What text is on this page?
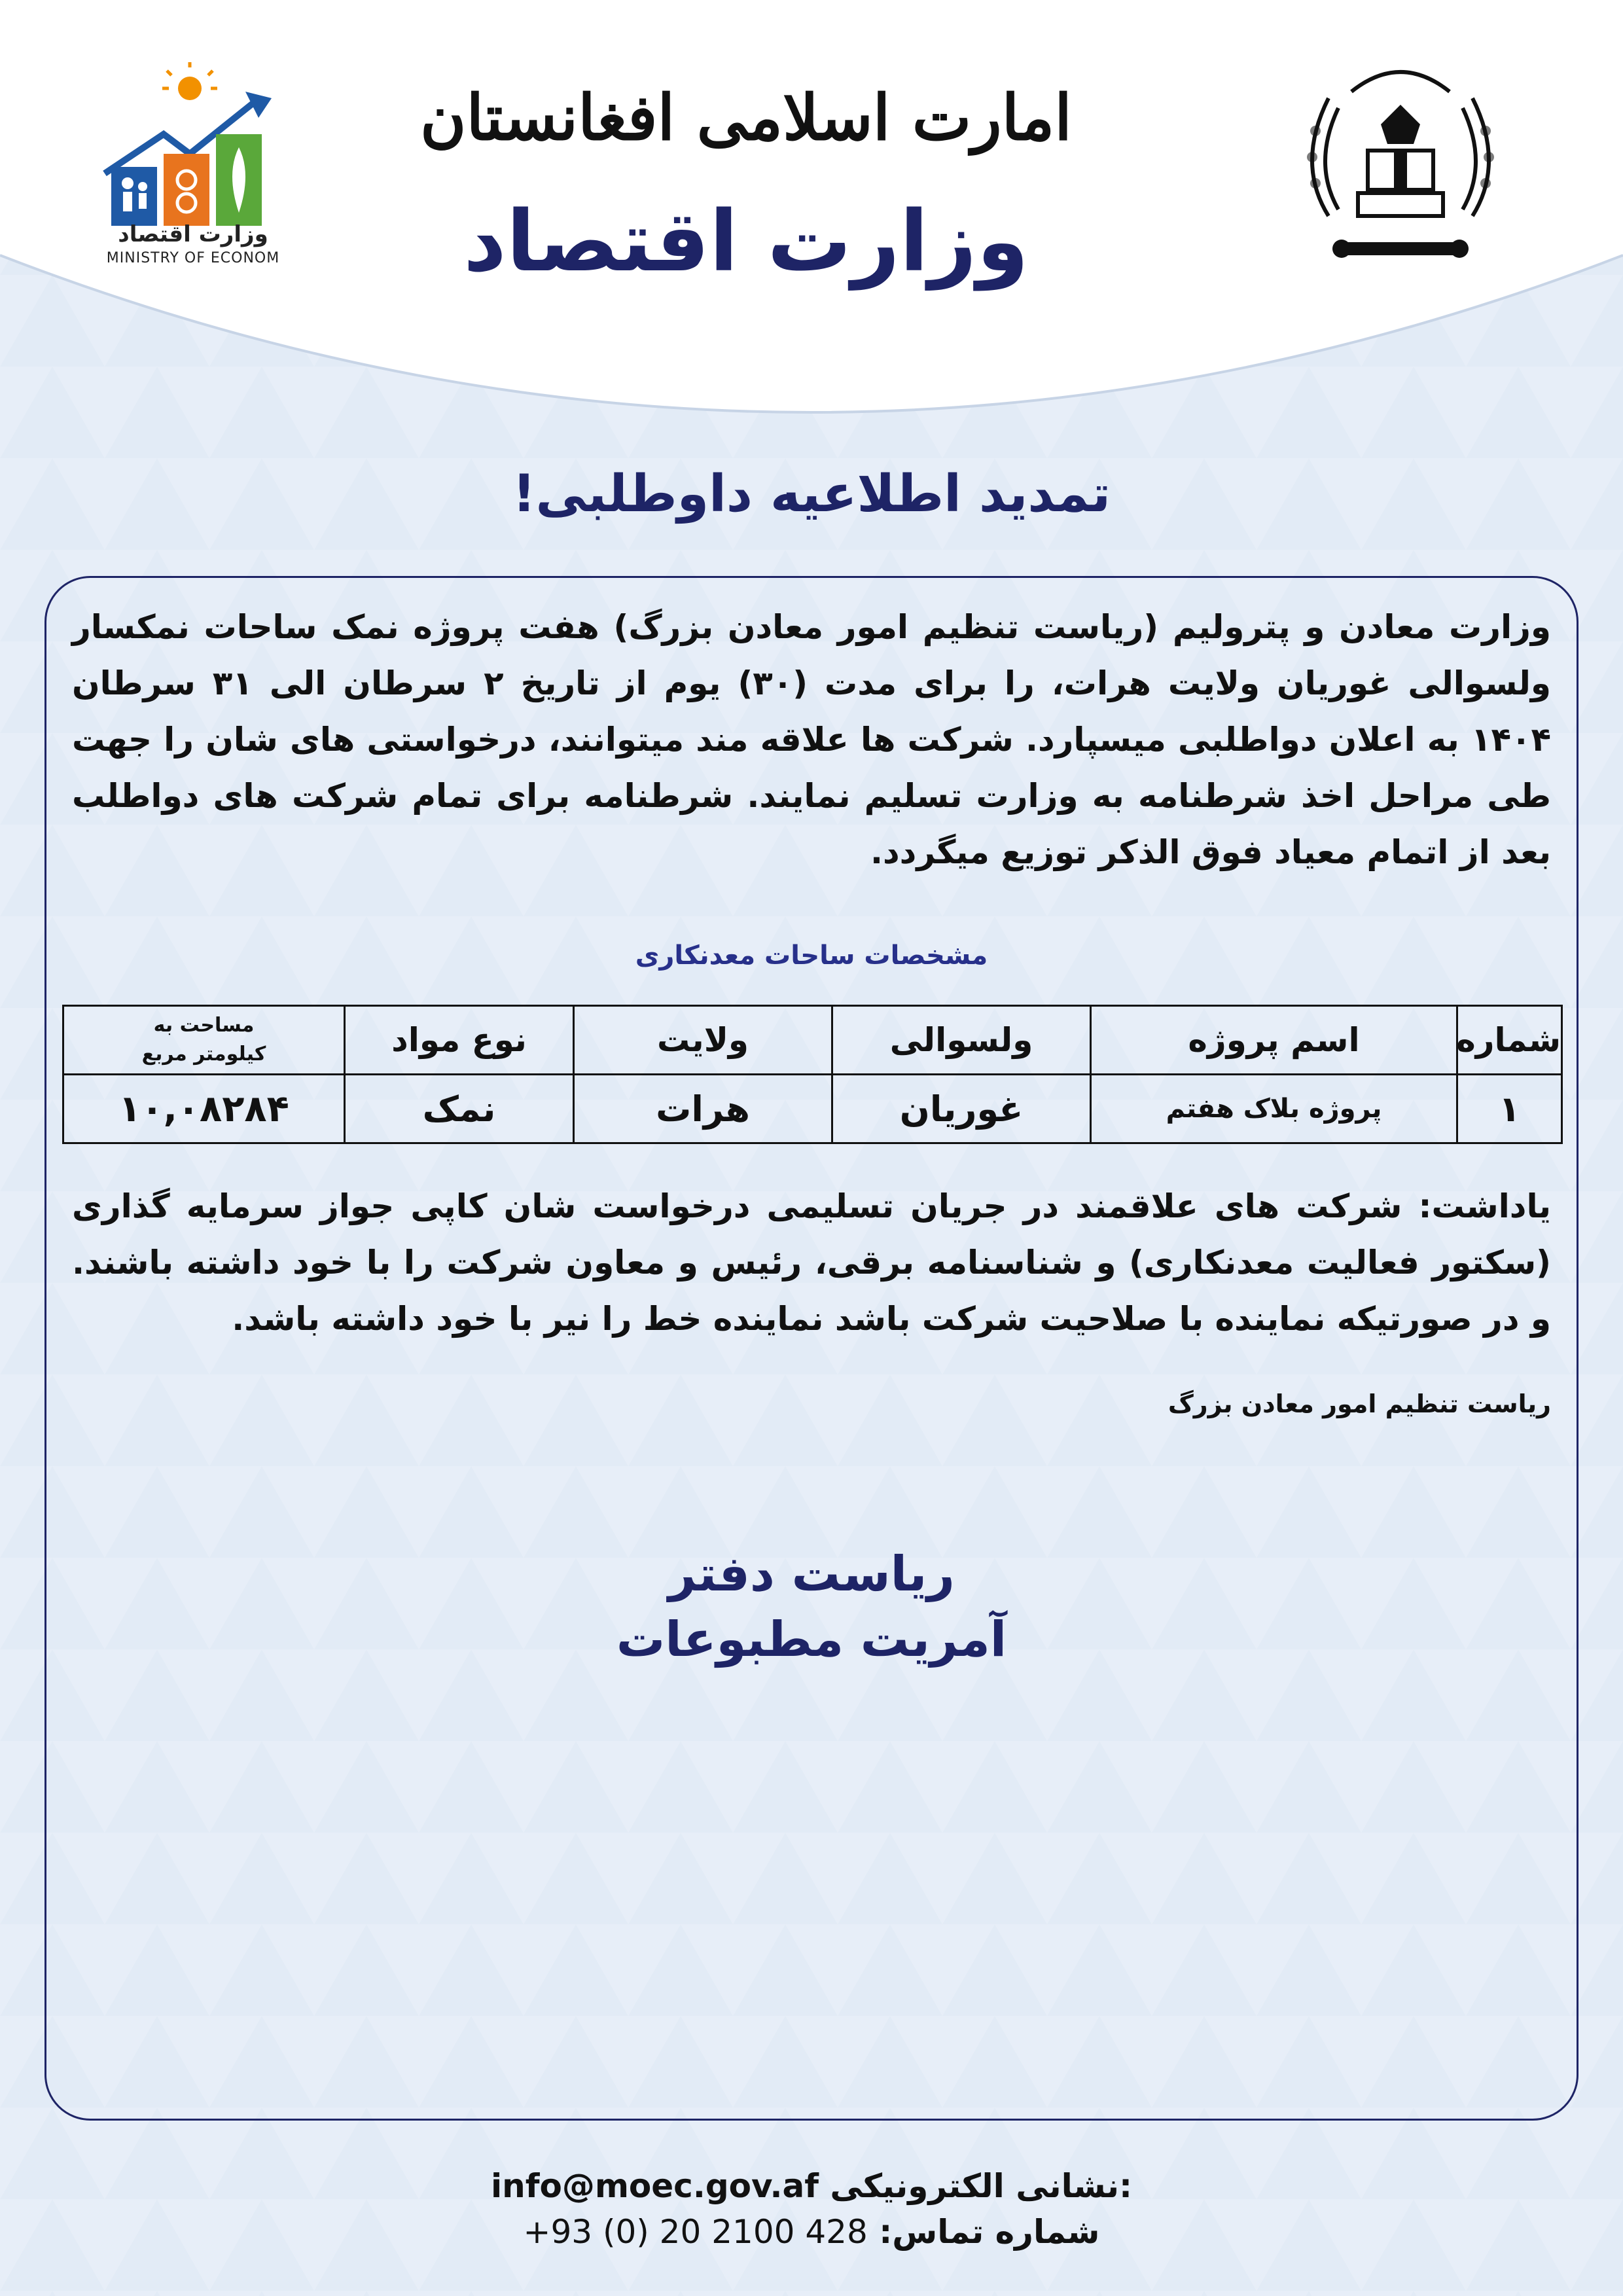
وزارت اقتصاد
MINISTRY OF ECONOM
امارت اسلامی افغانستان
وزارت اقتصاد
تمدید اطلاعیه داوطلبی!
وزارت معادن و پترولیم (ریاست تنظیم امور معادن بزرگ) هفت پروژه نمک ساحات نمکسار ولسوالی غوریان ولایت هرات، را برای مدت (۳۰) یوم از تاریخ ۲ سرطان الی ۳۱ سرطان ۱۴۰۴ به اعلان دواطلبی میسپارد. شرکت ها علاقه مند میتوانند، درخواستی های شان را جهت طی مراحل اخذ شرطنامه به وزارت تسلیم نمایند. شرطنامه برای تمام شرکت های دواطلب بعد از اتمام معیاد فوق الذکر توزیع میگردد.
مشخصات ساحات معدنکاری
شماره	اسم پروژه	ولسوالی	ولایت	نوع مواد	مساحت به
کیلومتر مربع

۱	پروژه بلاک هفتم	غوریان	هرات	نمک	۱۰,۰۸۲۸۴
یاداشت: شرکت های علاقمند در جریان تسلیمی درخواست شان کاپی جواز سرمایه گذاری (سکتور فعالیت معدنکاری) و شناسنامه برقی، رئیس و معاون شرکت را با خود داشته باشند. و در صورتیکه نماینده با صلاحیت شرکت باشد نماینده خط را نیر با خود داشته باشد.
ریاست تنظیم امور معادن بزرگ
ریاست دفتر
آمریت مطبوعات
:نشانی الکترونیکی info@moec.gov.af
شماره تماس: +93 (0) 20 2100 428
